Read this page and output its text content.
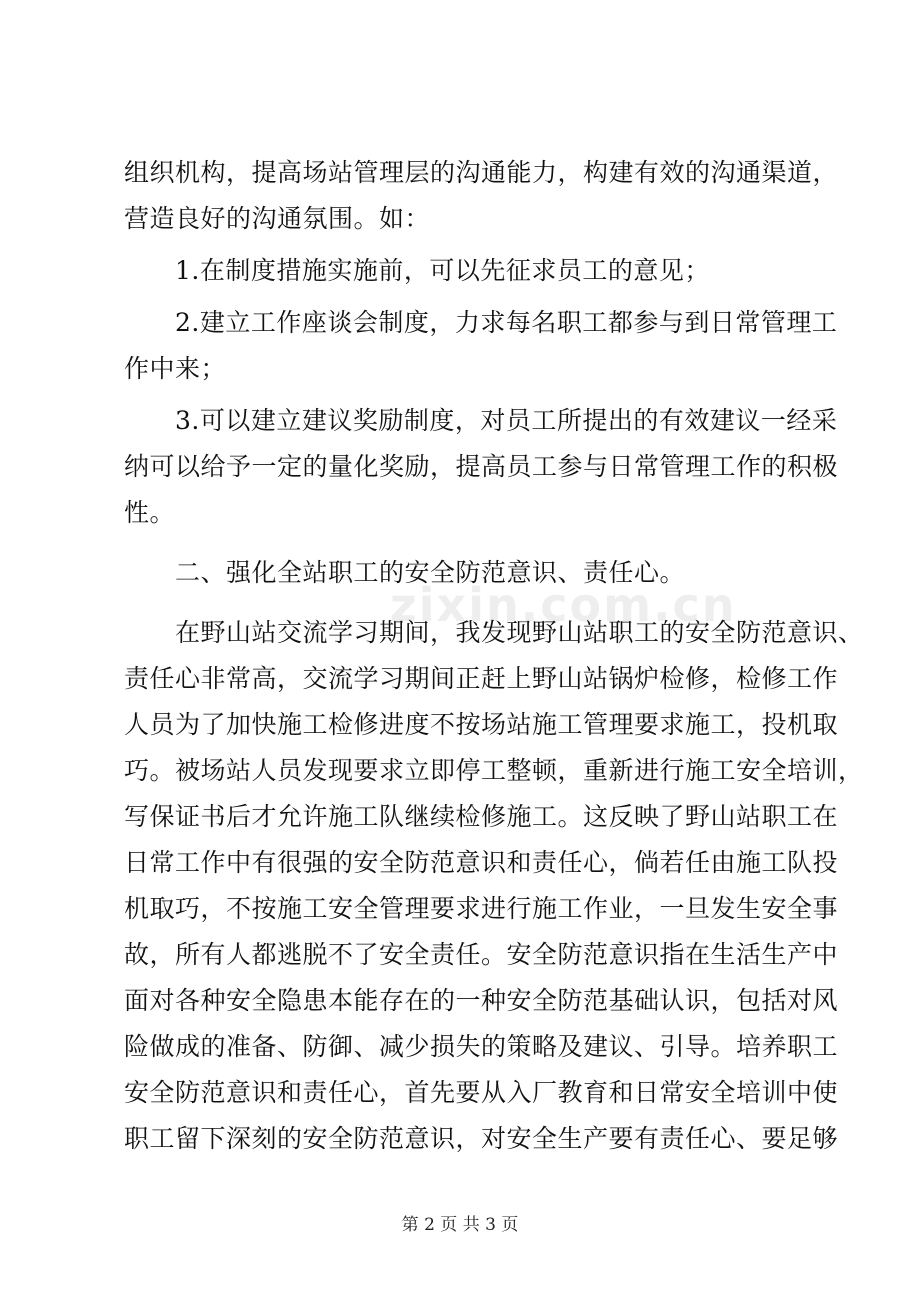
组织机构，提高场站管理层的沟通能力，构建有效的沟通渠道，
营造良好的沟通氛围。如：
　　1.在制度措施实施前，可以先征求员工的意见；
　　2.建立工作座谈会制度，力求每名职工都参与到日常管理工
作中来；
　　3.可以建立建议奖励制度，对员工所提出的有效建议一经采
纳可以给予一定的量化奖励，提高员工参与日常管理工作的积极
性。
　　二、强化全站职工的安全防范意识、责任心。
　　在野山站交流学习期间，我发现野山站职工的安全防范意识、
责任心非常高，交流学习期间正赶上野山站锅炉检修，检修工作
人员为了加快施工检修进度不按场站施工管理要求施工，投机取
巧。被场站人员发现要求立即停工整顿，重新进行施工安全培训，
写保证书后才允许施工队继续检修施工。这反映了野山站职工在
日常工作中有很强的安全防范意识和责任心，倘若任由施工队投
机取巧，不按施工安全管理要求进行施工作业，一旦发生安全事
故，所有人都逃脱不了安全责任。安全防范意识指在生活生产中
面对各种安全隐患本能存在的一种安全防范基础认识，包括对风
险做成的准备、防御、减少损失的策略及建议、引导。培养职工
安全防范意识和责任心，首先要从入厂教育和日常安全培训中使
职工留下深刻的安全防范意识，对安全生产要有责任心、要足够
zixin.com.cn
第 2 页 共 3 页
